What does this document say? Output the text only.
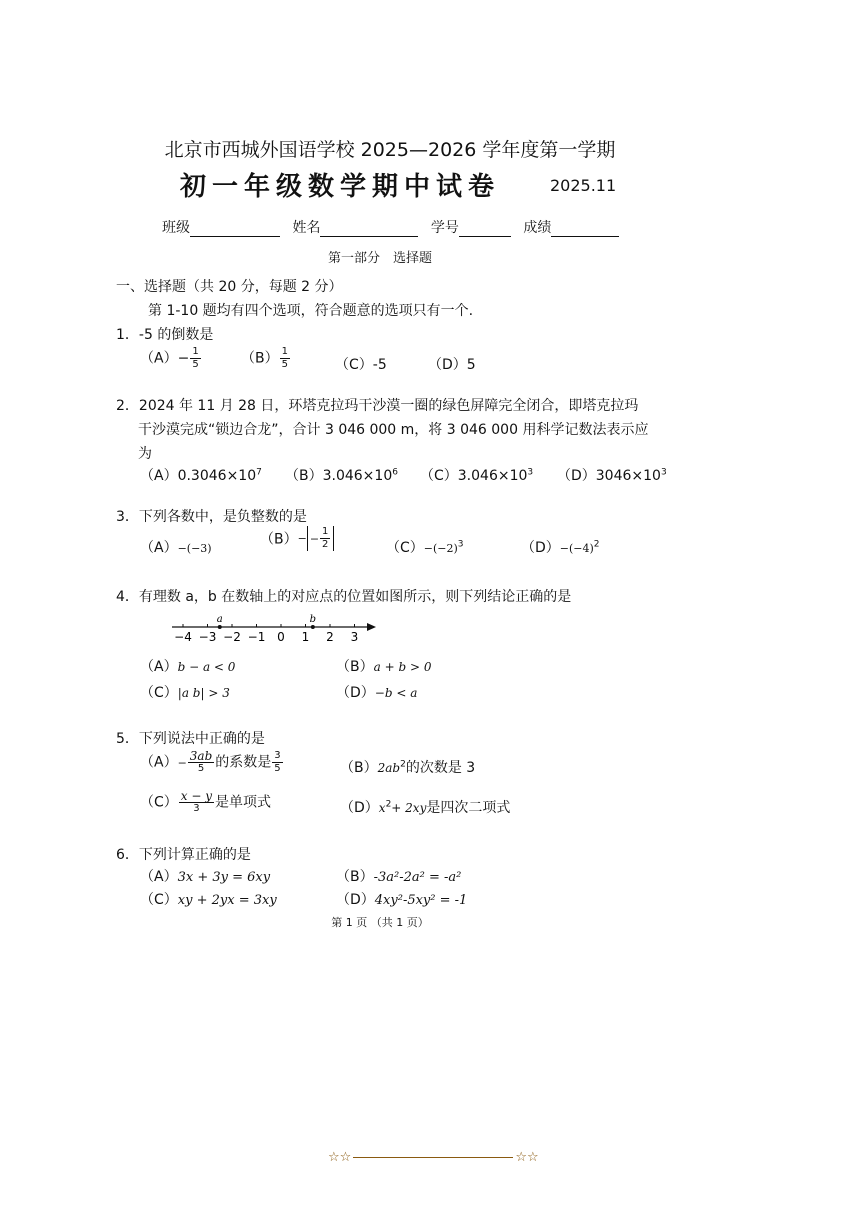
北京市西城外国语学校 2025—2026 学年度第一学期
初一年级数学期中试卷	2025.11
班级	姓名	学号	成绩
第一部分　选择题
一、选择题（共 20 分，每题 2 分）
第 1-10 题均有四个选项，符合题意的选项只有一个.
1．-5 的倒数是
$(A)- \frac{1}{5}$	$(B) \frac{1}{5}$	（C）-5	（D）5
2．2024 年 11 月 28 日，环塔克拉玛干沙漠一圈的绿色屏障完全闭合，即塔克拉玛
干沙漠完成“锁边合龙”，合计 3 046 000 m，将 3 046 000 用科学记数法表示应
为
$(A)0.3046\times 10^7$ $(B)3.046\times 10^6$ $(C)3.046\times 10^3$ $(D)3046\times 10^3$
3．下列各数中，是负整数的是
（A）−(−3)
$(B)- - \frac{1}{2}$	$(C)-(-2)^3$	$(D)-(-4)^2$
4．有理数 a，b 在数轴上的对应点的位置如图所示，则下列结论正确的是
−4 −3 −2 −1 0 1 2 3
a	b
（A）b − a < 0	（B）a + b > 0
（C）|a b| > 3	（D）−b < a
5．下列说法中正确的是
$(A)- \frac{3ab}{5}$ 的系数是 $\frac{3}{5}$	$(B)2ab^2$的次数是 3
$(C) \frac{x - y}{3}$ 是单项式	$(D)x^2+ 2xy$是四次二项式
6．下列计算正确的是
（A）3x + 3y = 6xy	（B）-3a²-2a² = -a²
（C）xy + 2yx = 3xy	（D）4xy²-5xy² = -1
第 1 页 （共 1 页）
☆☆	☆☆
